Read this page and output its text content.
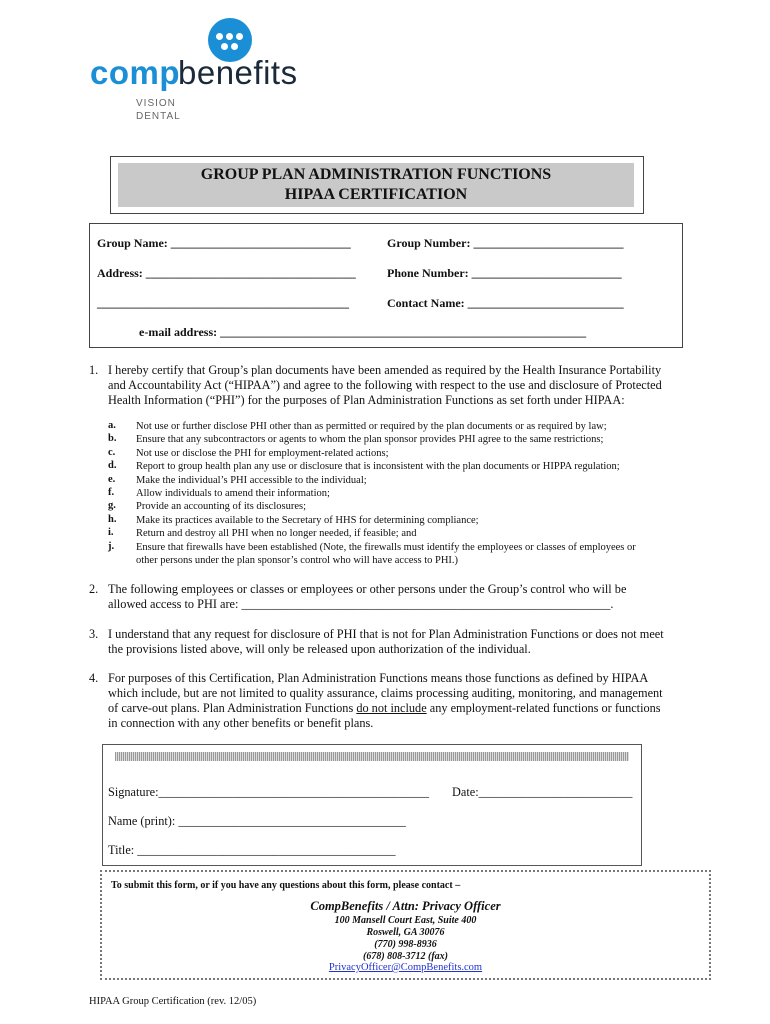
comp
benefits
VISION
DENTAL
GROUP PLAN ADMINISTRATION FUNCTIONS
HIPAA CERTIFICATION
Group Name: ______________________________	Group Number: _________________________
Address: ___________________________________	Phone Number: _________________________
__________________________________________	Contact Name: __________________________
e-mail address: _____________________________________________________________
1. I hereby certify that Group’s plan documents have been amended as required by the Health Insurance Portability
and Accountability Act (“HIPAA”) and agree to the following with respect to the use and disclosure of Protected
Health Information (“PHI”) for the purposes of Plan Administration Functions as set forth under HIPAA:
a. Not use or further disclose PHI other than as permitted or required by the plan documents or as required by law;
b. Ensure that any subcontractors or agents to whom the plan sponsor provides PHI agree to the same restrictions;
c. Not use or disclose the PHI for employment-related actions;
d. Report to group health plan any use or disclosure that is inconsistent with the plan documents or HIPPA regulation;
e. Make the individual’s PHI accessible to the individual;
f. Allow individuals to amend their information;
g. Provide an accounting of its disclosures;
h. Make its practices available to the Secretary of HHS for determining compliance;
i. Return and destroy all PHI when no longer needed, if feasible; and
j. Ensure that firewalls have been established (Note, the firewalls must identify the employees or classes of employees or
other persons under the plan sponsor’s control who will have access to PHI.)
2. The following employees or classes or employees or other persons under the Group’s control who will be
allowed access to PHI are: ____________________________________________________________.
3. I understand that any request for disclosure of PHI that is not for Plan Administration Functions or does not meet
the provisions listed above, will only be released upon authorization of the individual.
4. For purposes of this Certification, Plan Administration Functions means those functions as defined by HIPAA
which include, but are not limited to quality assurance, claims processing auditing, monitoring, and management
of carve-out plans. Plan Administration Functions do not include any employment-related functions or functions
in connection with any other benefits or benefit plans.
Signature:____________________________________________ Date:_________________________
Name (print): _____________________________________
Title: __________________________________________
To submit this form, or if you have any questions about this form, please contact –
CompBenefits / Attn: Privacy Officer
100 Mansell Court East, Suite 400
Roswell, GA 30076
(770) 998-8936
(678) 808-3712 (fax)
PrivacyOfficer@CompBenefits.com
HIPAA Group Certification (rev. 12/05)
